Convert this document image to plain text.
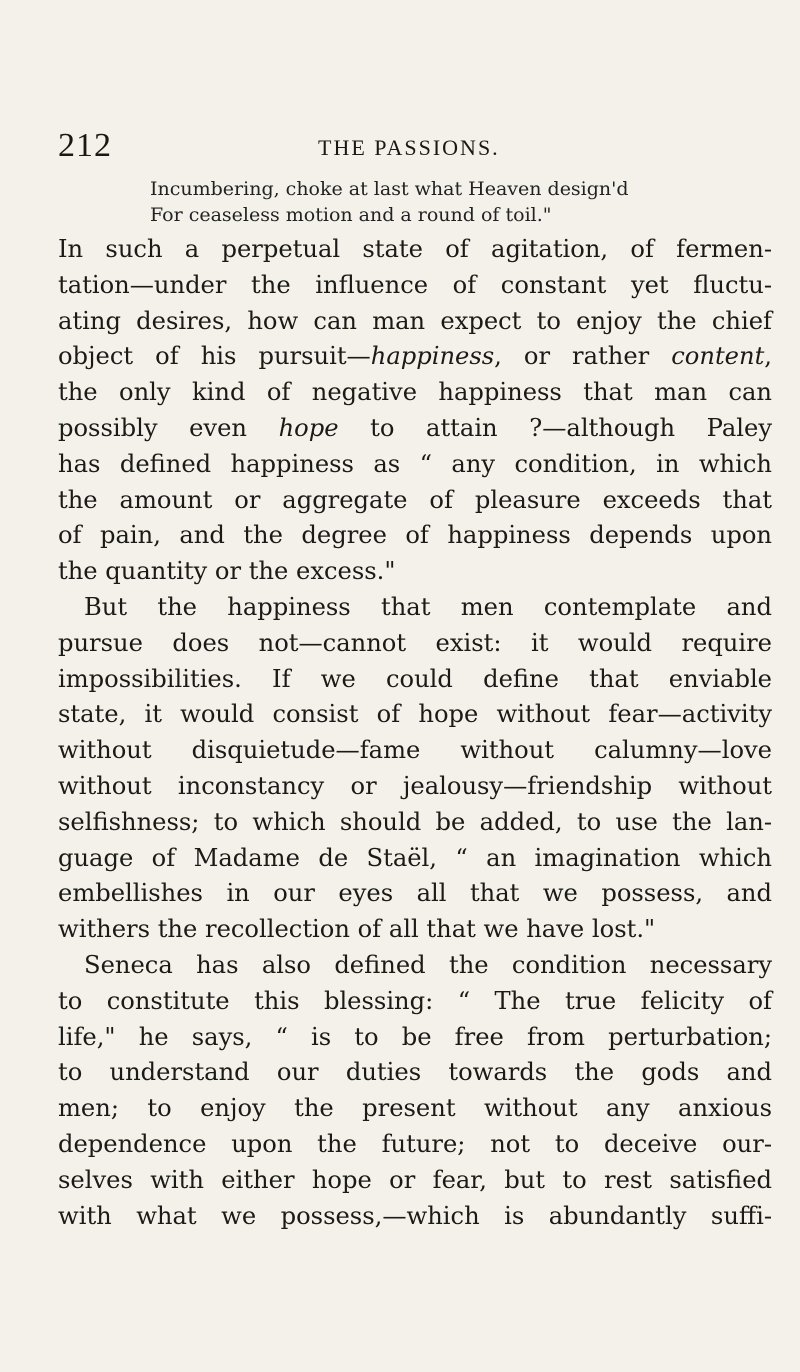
212	THE PASSIONS.
Incumbering, choke at last what Heaven design'd
For ceaseless motion and a round of toil."
In such a perpetual state of agitation, of fermen-
tation—under the influence of constant yet fluctu-
ating desires, how can man expect to enjoy the chief
object of his pursuit—happiness, or rather content,
the only kind of negative happiness that man can
possibly even hope to attain ?—although Paley
has defined happiness as “ any condition, in which
the amount or aggregate of pleasure exceeds that
of pain, and the degree of happiness depends upon
the quantity or the excess."
But the happiness that men contemplate and
pursue does not—cannot exist: it would require
impossibilities. If we could define that enviable
state, it would consist of hope without fear—activity
without disquietude—fame without calumny—love
without inconstancy or jealousy—friendship without
selfishness; to which should be added, to use the lan-
guage of Madame de Staël, “ an imagination which
embellishes in our eyes all that we possess, and
withers the recollection of all that we have lost."
Seneca has also defined the condition necessary
to constitute this blessing: “ The true felicity of
life," he says, “ is to be free from perturbation;
to understand our duties towards the gods and
men; to enjoy the present without any anxious
dependence upon the future; not to deceive our-
selves with either hope or fear, but to rest satisfied
with what we possess,—which is abundantly suffi-
